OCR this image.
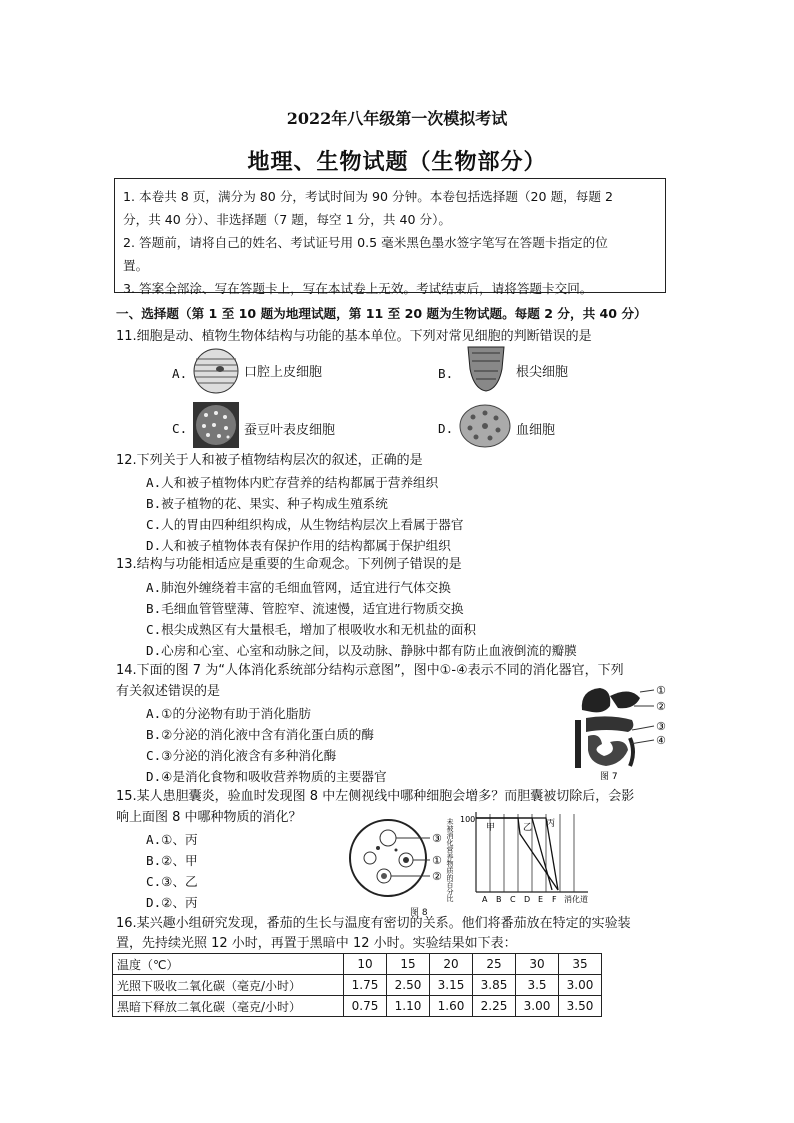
2022年八年级第一次模拟考试
地理、生物试题（生物部分）

1. 本卷共 8 页，满分为 80 分，考试时间为 90 分钟。本卷包括选择题（20 题，每题 2

分，共 40 分）、非选择题（7 题，每空 1 分，共 40 分）。

2. 答题前，请将自己的姓名、考试证号用 0.5 毫米黑色墨水签字笔写在答题卡指定的位

置。

3. 答案全部涂、写在答题卡上，写在本试卷上无效。考试结束后，请将答题卡交回。

一、选择题（第 1 至 10 题为地理试题，第 11 至 20 题为生物试题。每题 2 分，共 40 分）
11.细胞是动、植物生物体结构与功能的基本单位。下列对常见细胞的判断错误的是
A.	口腔上皮细胞	B.	根尖细胞
C.	蚕豆叶表皮细胞	D.	血细胞
12.下列关于人和被子植物结构层次的叙述，正确的是
A.人和被子植物体内贮存营养的结构都属于营养组织
B.被子植物的花、果实、种子构成生殖系统
C.人的胃由四种组织构成，从生物结构层次上看属于器官
D.人和被子植物体表有保护作用的结构都属于保护组织
13.结构与功能相适应是重要的生命观念。下列例子错误的是
A.肺泡外缠绕着丰富的毛细血管网，适宜进行气体交换
B.毛细血管管壁薄、管腔窄、流速慢，适宜进行物质交换
C.根尖成熟区有大量根毛，增加了根吸收水和无机盐的面积
D.心房和心室、心室和动脉之间，以及动脉、静脉中都有防止血液倒流的瓣膜
14.下面的图 7 为“人体消化系统部分结构示意图”，图中①-④表示不同的消化器官，下列
有关叙述错误的是
A.①的分泌物有助于消化脂肪
B.②分泌的消化液中含有消化蛋白质的酶
C.③分泌的消化液含有多种消化酶
D.④是消化食物和吸收营养物质的主要器官
①
②
③
④
图 7
15.某人患胆囊炎，验血时发现图 8 中左侧视线中哪种细胞会增多？而胆囊被切除后，会影
响上面图 8 中哪种物质的消化？
A.①、丙
B.②、甲
C.③、乙
D.②、丙
③
①
② 未被消化营养物质的百分比 100
甲	乙 丙
A B C D E F 消化道
图 8
16.某兴趣小组研究发现，番茄的生长与温度有密切的关系。他们将番茄放在特定的实验装
置，先持续光照 12 小时，再置于黑暗中 12 小时。实验结果如下表：
温度（℃）	10	15	20	25	30	35
光照下吸收二氧化碳（毫克/小时）	1.75	2.50	3.15	3.85	3.5	3.00
黑暗下释放二氧化碳（毫克/小时）	0.75	1.10	1.60	2.25	3.00	3.50
